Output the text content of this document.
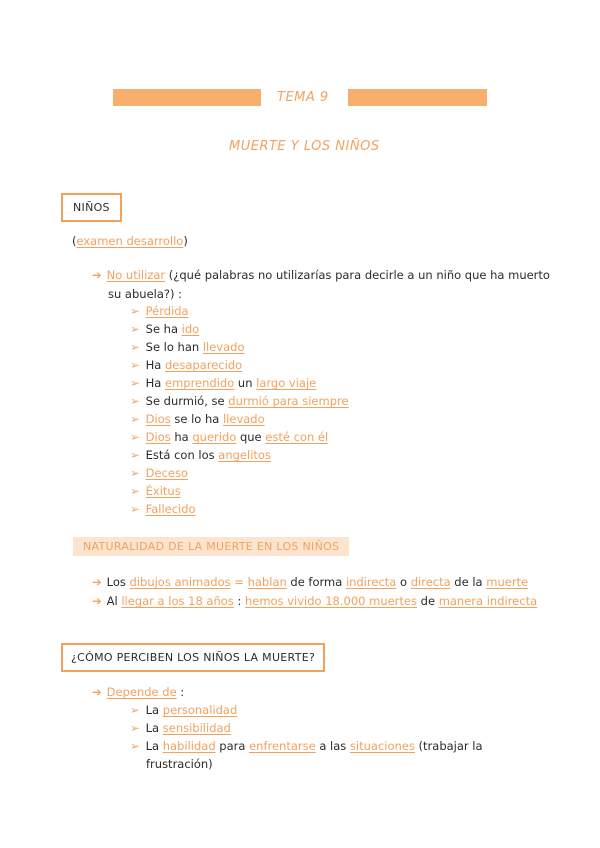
TEMA 9
MUERTE Y LOS NIÑOS
NIÑOS
(examen desarrollo)
➔ No utilizar (¿qué palabras no utilizarías para decirle a un niño que ha muerto
su abuela?) :
➢ Pérdida
➢ Se ha ido
➢ Se lo han llevado
➢ Ha desaparecido
➢ Ha emprendido un largo viaje
➢ Se durmió, se durmió para siempre
➢ Dios se lo ha llevado
➢ Dios ha querido que esté con él
➢ Está con los angelitos
➢ Deceso
➢ Éxitus
➢ Fallecido
NATURALIDAD DE LA MUERTE EN LOS NIÑOS
➔ Los dibujos animados = hablan de forma indirecta o directa de la muerte
➔ Al llegar a los 18 años : hemos vivido 18.000 muertes de manera indirecta
¿CÓMO PERCIBEN LOS NIÑOS LA MUERTE?
➔ Depende de :
➢ La personalidad
➢ La sensibilidad
➢ La habilidad para enfrentarse a las situaciones (trabajar la
frustración)
